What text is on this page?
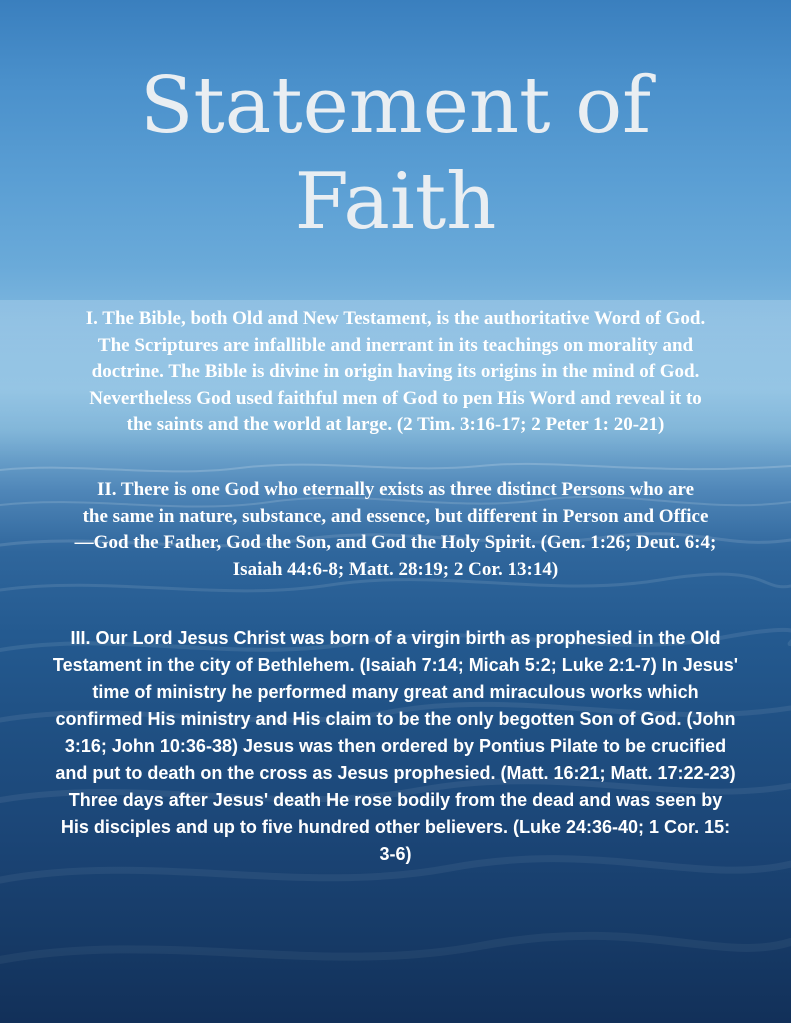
Statement of
Faith

I. The Bible, both Old and New Testament, is the authoritative Word of God.
The Scriptures are infallible and inerrant in its teachings on morality and
doctrine. The Bible is divine in origin having its origins in the mind of God.
Nevertheless God used faithful men of God to pen His Word and reveal it to
the saints and the world at large. (2 Tim. 3:16-17; 2 Peter 1: 20-21)

II. There is one God who eternally exists as three distinct Persons who are
the same in nature, substance, and essence, but different in Person and Office
—God the Father, God the Son, and God the Holy Spirit. (Gen. 1:26; Deut. 6:4;
Isaiah 44:6-8; Matt. 28:19; 2 Cor. 13:14)

III. Our Lord Jesus Christ was born of a virgin birth as prophesied in the Old
Testament in the city of Bethlehem. (Isaiah 7:14; Micah 5:2; Luke 2:1-7) In Jesus'
time of ministry he performed many great and miraculous works which
confirmed His ministry and His claim to be the only begotten Son of God. (John
3:16; John 10:36-38) Jesus was then ordered by Pontius Pilate to be crucified
and put to death on the cross as Jesus prophesied. (Matt. 16:21; Matt. 17:22-23)
Three days after Jesus' death He rose bodily from the dead and was seen by
His disciples and up to five hundred other believers. (Luke 24:36-40; 1 Cor. 15:
3-6)
